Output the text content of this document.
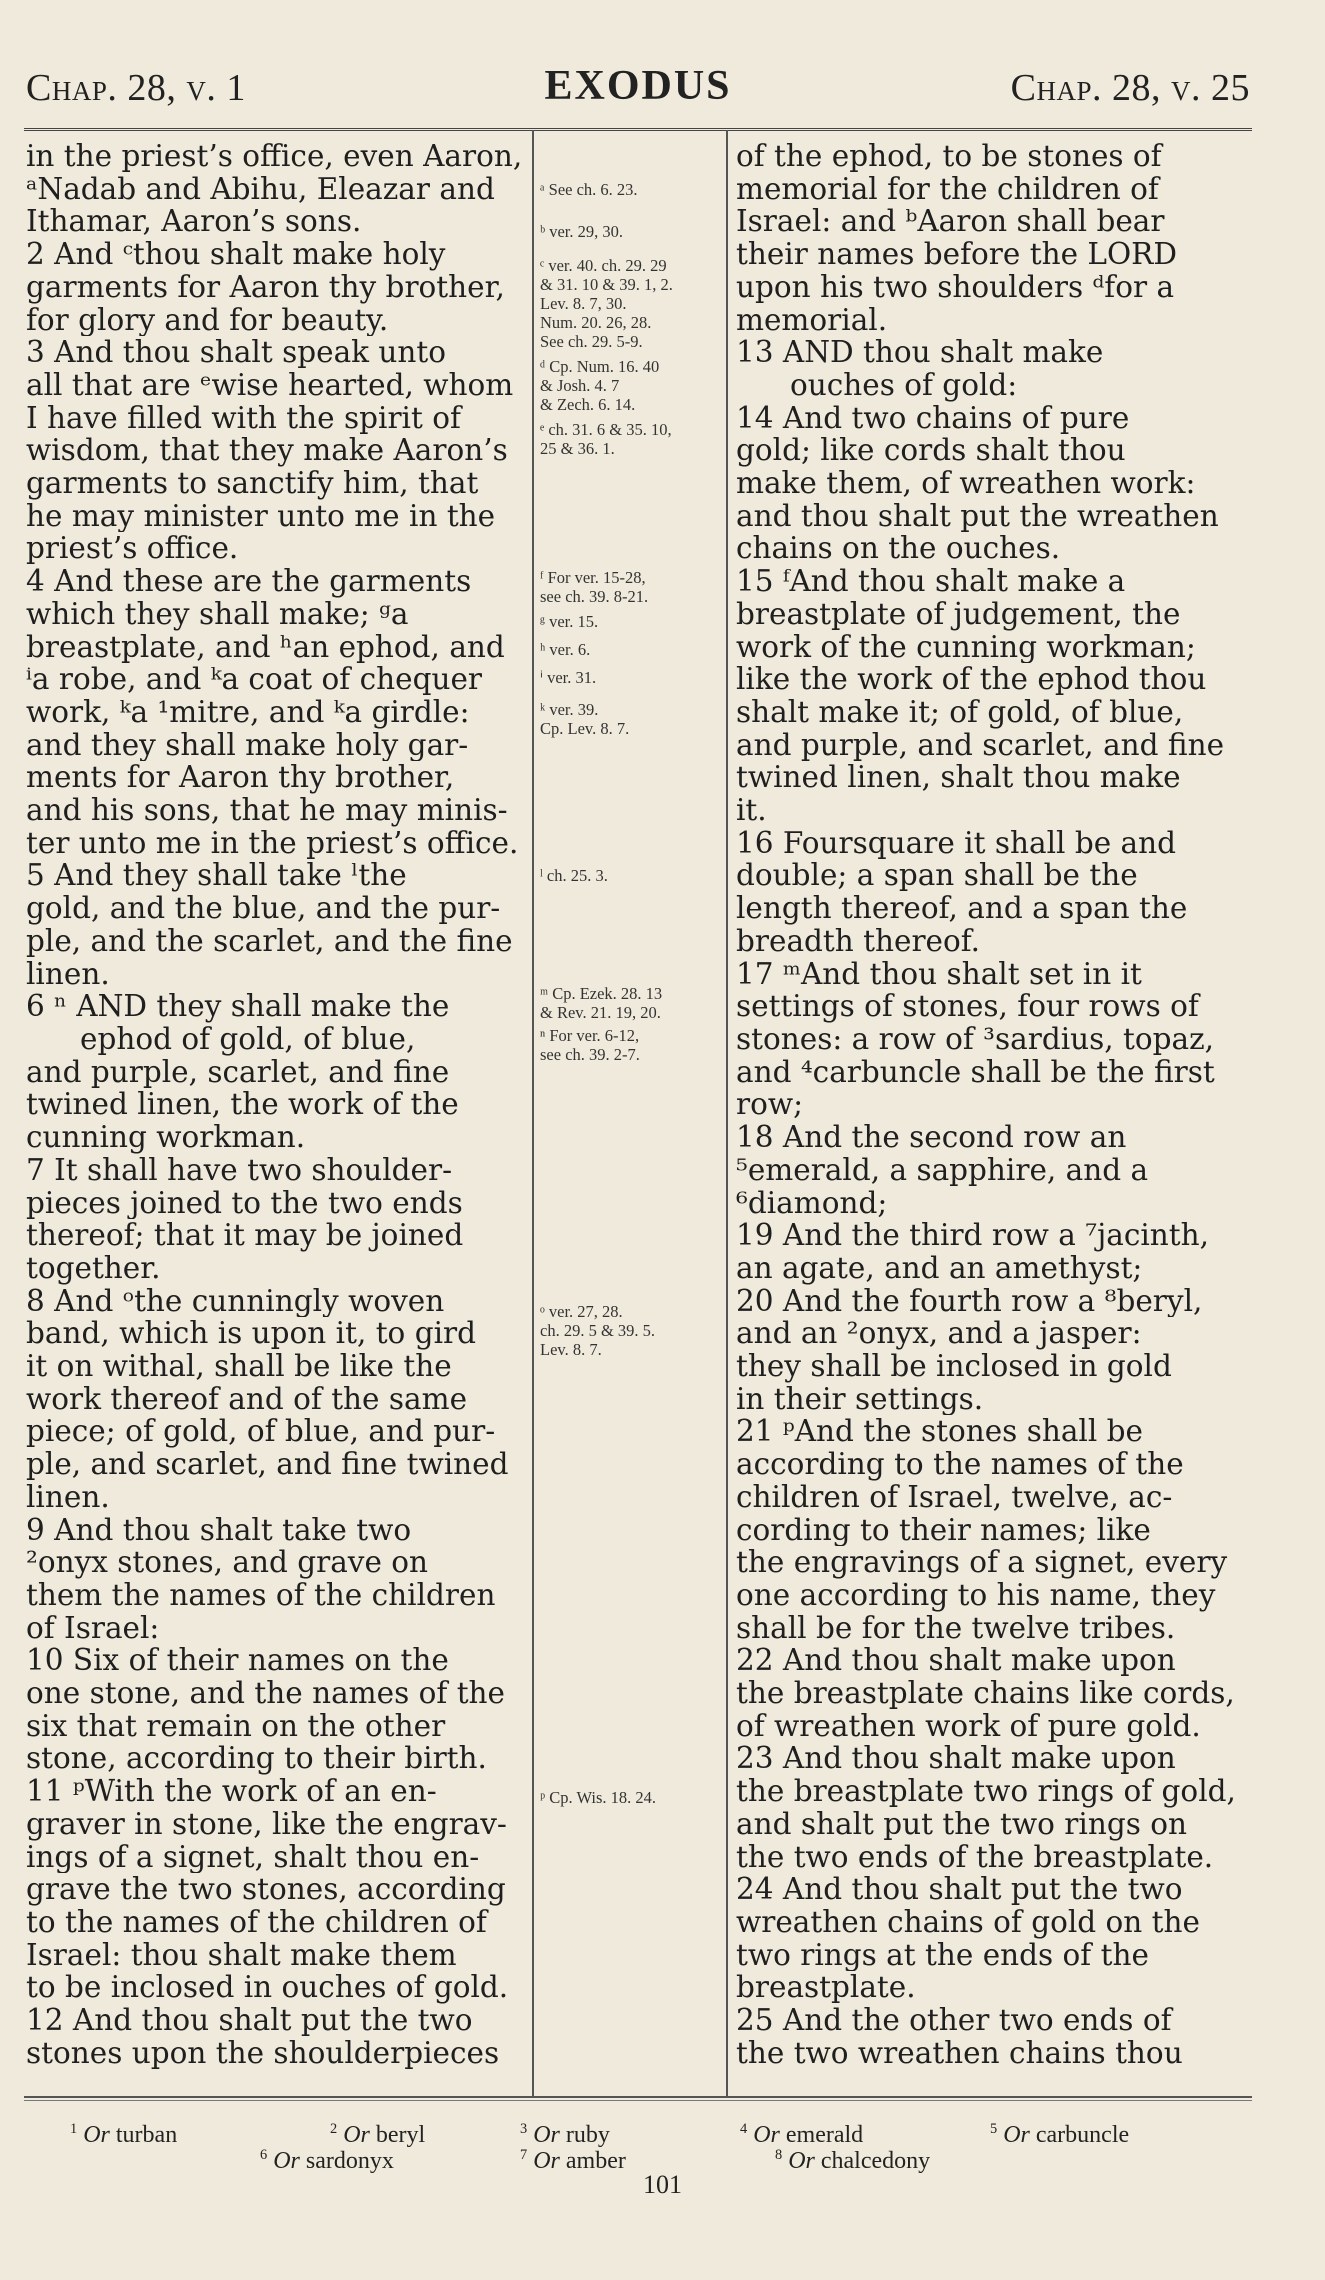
Chap. 28, v. 1	EXODUS	Chap. 28, v. 25
in the priest’s office, even Aaron,
ᵃNadab and Abihu, Eleazar and
Ithamar, Aaron’s sons.
2 And ᶜthou shalt make holy
garments for Aaron thy brother,
for glory and for beauty.
3 And thou shalt speak unto
all that are ᵉwise hearted, whom
I have filled with the spirit of
wisdom, that they make Aaron’s
garments to sanctify him, that
he may minister unto me in the
priest’s office.
4 And these are the garments
which they shall make; ᵍa
breastplate, and ʰan ephod, and
ⁱa robe, and ᵏa coat of chequer
work, ᵏa ¹mitre, and ᵏa girdle:
and they shall make holy gar-
ments for Aaron thy brother,
and his sons, that he may minis-
ter unto me in the priest’s office.
5 And they shall take ˡthe
gold, and the blue, and the pur-
ple, and the scarlet, and the fine
linen.
6 ⁿ AND they shall make the
ephod of gold, of blue,
and purple, scarlet, and fine
twined linen, the work of the
cunning workman.
7 It shall have two shoulder-
pieces joined to the two ends
thereof; that it may be joined
together.
8 And ᵒthe cunningly woven
band, which is upon it, to gird
it on withal, shall be like the
work thereof and of the same
piece; of gold, of blue, and pur-
ple, and scarlet, and fine twined
linen.
9 And thou shalt take two
²onyx stones, and grave on
them the names of the children
of Israel:
10 Six of their names on the
one stone, and the names of the
six that remain on the other
stone, according to their birth.
11 ᵖWith the work of an en-
graver in stone, like the engrav-
ings of a signet, shalt thou en-
grave the two stones, according
to the names of the children of
Israel: thou shalt make them
to be inclosed in ouches of gold.
12 And thou shalt put the two
stones upon the shoulderpieces
of the ephod, to be stones of
memorial for the children of
Israel: and ᵇAaron shall bear
their names before the LORD
upon his two shoulders ᵈfor a
memorial.
13 AND thou shalt make
ouches of gold:
14 And two chains of pure
gold; like cords shalt thou
make them, of wreathen work:
and thou shalt put the wreathen
chains on the ouches.
15 ᶠAnd thou shalt make a
breastplate of judgement, the
work of the cunning workman;
like the work of the ephod thou
shalt make it; of gold, of blue,
and purple, and scarlet, and fine
twined linen, shalt thou make
it.
16 Foursquare it shall be and
double; a span shall be the
length thereof, and a span the
breadth thereof.
17 ᵐAnd thou shalt set in it
settings of stones, four rows of
stones: a row of ³sardius, topaz,
and ⁴carbuncle shall be the first
row;
18 And the second row an
⁵emerald, a sapphire, and a
⁶diamond;
19 And the third row a ⁷jacinth,
an agate, and an amethyst;
20 And the fourth row a ⁸beryl,
and an ²onyx, and a jasper:
they shall be inclosed in gold
in their settings.
21 ᵖAnd the stones shall be
according to the names of the
children of Israel, twelve, ac-
cording to their names; like
the engravings of a signet, every
one according to his name, they
shall be for the twelve tribes.
22 And thou shalt make upon
the breastplate chains like cords,
of wreathen work of pure gold.
23 And thou shalt make upon
the breastplate two rings of gold,
and shalt put the two rings on
the two ends of the breastplate.
24 And thou shalt put the two
wreathen chains of gold on the
two rings at the ends of the
breastplate.
25 And the other two ends of
the two wreathen chains thou
ᵃ See ch. 6. 23.
ᵇ ver. 29, 30.
ᶜ ver. 40. ch. 29. 29
& 31. 10 & 39. 1, 2.
Lev. 8. 7, 30.
Num. 20. 26, 28.
See ch. 29. 5-9.
ᵈ Cp. Num. 16. 40
& Josh. 4. 7
& Zech. 6. 14.
ᵉ ch. 31. 6 & 35. 10,
25 & 36. 1.
ᶠ For ver. 15-28,
see ch. 39. 8-21.
ᵍ ver. 15.
ʰ ver. 6.
ⁱ ver. 31.
ᵏ ver. 39.
Cp. Lev. 8. 7.
ˡ ch. 25. 3.
ᵐ Cp. Ezek. 28. 13
& Rev. 21. 19, 20.
ⁿ For ver. 6-12,
see ch. 39. 2-7.
ᵒ ver. 27, 28.
ch. 29. 5 & 39. 5.
Lev. 8. 7.
ᵖ Cp. Wis. 18. 24.
$^1$ Or turban	$^2$ Or beryl	$^3$ Or ruby	$^4$ Or emerald	$^5$ Or carbuncle
$^6$ Or sardonyx	$^7$ Or amber	$^8$ Or chalcedony
101
